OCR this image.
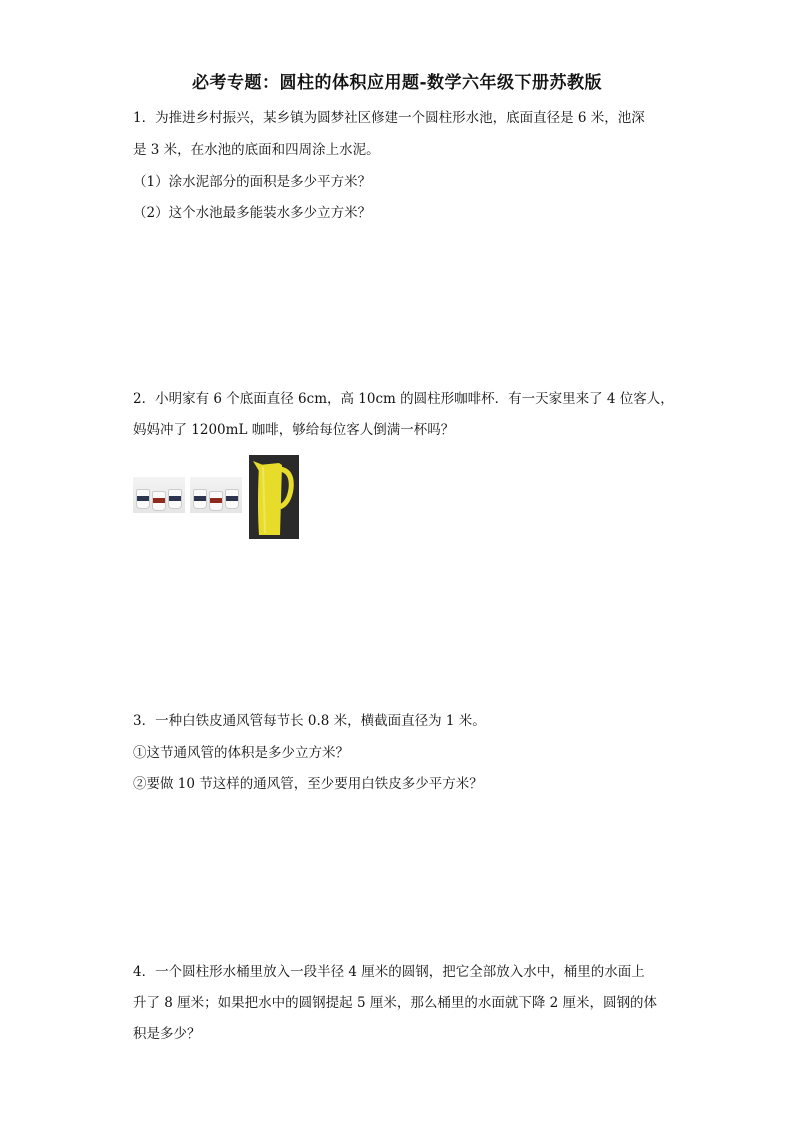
必考专题：圆柱的体积应用题-数学六年级下册苏教版
1．为推进乡村振兴，某乡镇为圆梦社区修建一个圆柱形水池，底面直径是 6 米，池深
是 3 米，在水池的底面和四周涂上水泥。
（1）涂水泥部分的面积是多少平方米？
（2）这个水池最多能装水多少立方米？
2．小明家有 6 个底面直径 6cm，高 10cm 的圆柱形咖啡杯．有一天家里来了 4 位客人，
妈妈冲了 1200mL 咖啡，够给每位客人倒满一杯吗？
3．一种白铁皮通风管每节长 0.8 米，横截面直径为 1 米。
①这节通风管的体积是多少立方米？
②要做 10 节这样的通风管，至少要用白铁皮多少平方米？
4．一个圆柱形水桶里放入一段半径 4 厘米的圆钢，把它全部放入水中，桶里的水面上
升了 8 厘米；如果把水中的圆钢提起 5 厘米，那么桶里的水面就下降 2 厘米，圆钢的体
积是多少？
